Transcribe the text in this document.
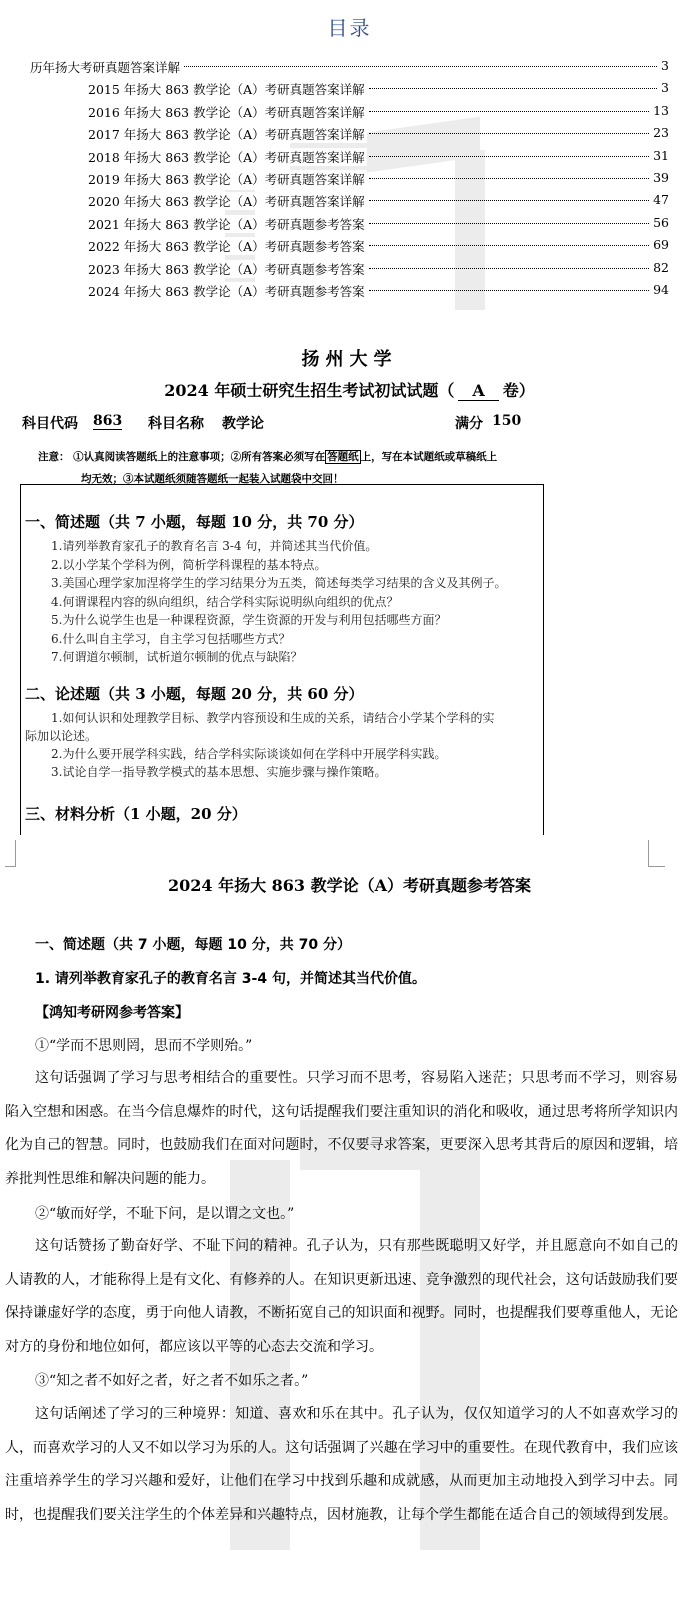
目录
历年扬大考研真题答案详解	3
2015 年扬大 863 教学论（A）考研真题答案详解	3
2016 年扬大 863 教学论（A）考研真题答案详解	13
2017 年扬大 863 教学论（A）考研真题答案详解	23
2018 年扬大 863 教学论（A）考研真题答案详解	31
2019 年扬大 863 教学论（A）考研真题答案详解	39
2020 年扬大 863 教学论（A）考研真题答案详解	47
2021 年扬大 863 教学论（A）考研真题参考答案	56
2022 年扬大 863 教学论（A）考研真题参考答案	69
2023 年扬大 863 教学论（A）考研真题参考答案	82
2024 年扬大 863 教学论（A）考研真题参考答案	94
扬州大学
2024 年硕士研究生招生考试初试试题（ A 卷）
科目代码 863 科目名称 教学论	满分 150
注意： ①认真阅读答题纸上的注意事项；②所有答案必须写在 答题纸 上，写在本试题纸或草稿纸上
均无效；③本试题纸须随答题纸一起装入试题袋中交回！
一、简述题（共 7 小题，每题 10 分，共 70 分）
1.请列举教育家孔子的教育名言 3-4 句，并简述其当代价值。
2.以小学某个学科为例，简析学科课程的基本特点。
3.美国心理学家加涅将学生的学习结果分为五类，简述每类学习结果的含义及其例子。
4.何谓课程内容的纵向组织，结合学科实际说明纵向组织的优点？
5.为什么说学生也是一种课程资源，学生资源的开发与利用包括哪些方面？
6.什么叫自主学习，自主学习包括哪些方式？
7.何谓道尔顿制，试析道尔顿制的优点与缺陷？
二、论述题（共 3 小题，每题 20 分，共 60 分）
1.如何认识和处理教学目标、教学内容预设和生成的关系，请结合小学某个学科的实
际加以论述。
2.为什么要开展学科实践，结合学科实际谈谈如何在学科中开展学科实践。
3.试论自学一指导教学模式的基本思想、实施步骤与操作策略。
三、材料分析（1 小题，20 分）
2024 年扬大 863 教学论（A）考研真题参考答案
一、简述题（共 7 小题，每题 10 分，共 70 分）
1. 请列举教育家孔子的教育名言 3-4 句，并简述其当代价值。
【鸿知考研网参考答案】
①“学而不思则罔，思而不学则殆。”
这句话强调了学习与思考相结合的重要性。只学习而不思考，容易陷入迷茫；只思考而不学习，则容易陷入空想和困惑。在当今信息爆炸的时代，这句话提醒我们要注重知识的消化和吸收，通过思考将所学知识内化为自己的智慧。同时，也鼓励我们在面对问题时，不仅要寻求答案，更要深入思考其背后的原因和逻辑，培养批判性思维和解决问题的能力。
②“敏而好学，不耻下问，是以谓之文也。”
这句话赞扬了勤奋好学、不耻下问的精神。孔子认为，只有那些既聪明又好学，并且愿意向不如自己的人请教的人，才能称得上是有文化、有修养的人。在知识更新迅速、竞争激烈的现代社会，这句话鼓励我们要保持谦虚好学的态度，勇于向他人请教，不断拓宽自己的知识面和视野。同时，也提醒我们要尊重他人，无论对方的身份和地位如何，都应该以平等的心态去交流和学习。
③“知之者不如好之者，好之者不如乐之者。”
这句话阐述了学习的三种境界：知道、喜欢和乐在其中。孔子认为，仅仅知道学习的人不如喜欢学习的人，而喜欢学习的人又不如以学习为乐的人。这句话强调了兴趣在学习中的重要性。在现代教育中，我们应该注重培养学生的学习兴趣和爱好，让他们在学习中找到乐趣和成就感，从而更加主动地投入到学习中去。同时，也提醒我们要关注学生的个体差异和兴趣特点，因材施教，让每个学生都能在适合自己的领域得到发展。
